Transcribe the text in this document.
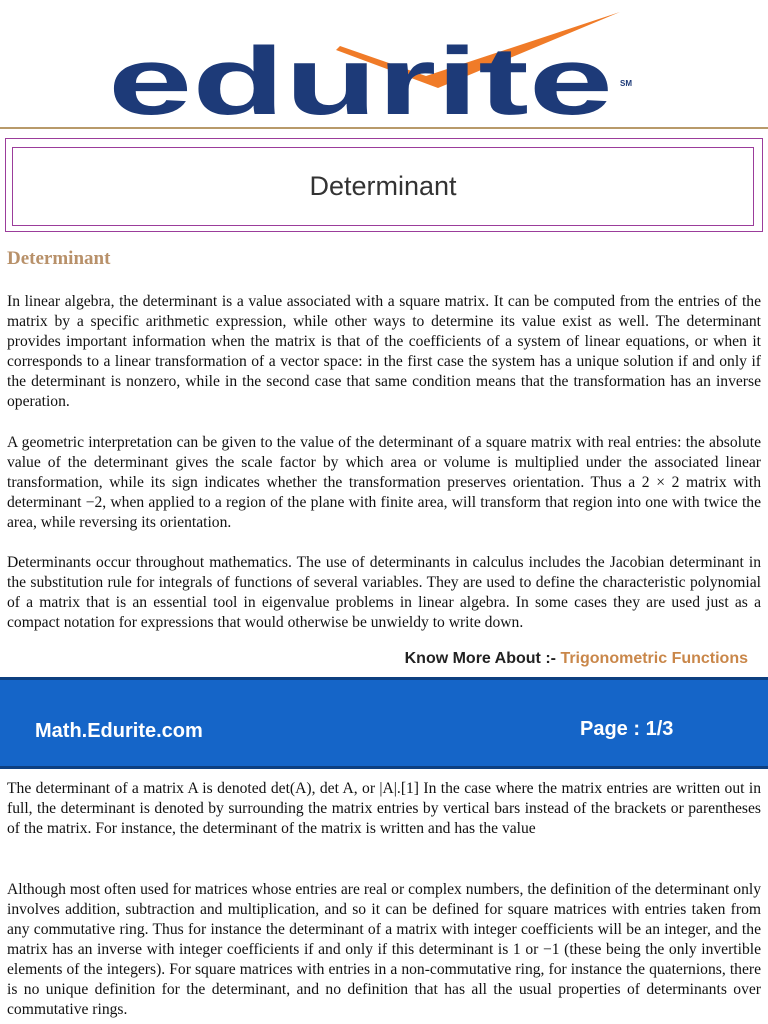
edurite SM
Determinant
Determinant

In linear algebra, the determinant is a value associated with a square matrix. It can be computed from the entries of the matrix by a specific arithmetic expression, while other ways to determine its value exist as well. The determinant provides important information when the matrix is that of the coefficients of a system of linear equations, or when it corresponds to a linear transformation of a vector space: in the first case the system has a unique solution if and only if the determinant is nonzero, while in the second case that same condition means that the transformation has an inverse operation.

A geometric interpretation can be given to the value of the determinant of a square matrix with real entries: the absolute value of the determinant gives the scale factor by which area or volume is multiplied under the associated linear transformation, while its sign indicates whether the transformation preserves orientation. Thus a 2 × 2 matrix with determinant −2, when applied to a region of the plane with finite area, will transform that region into one with twice the area, while reversing its orientation.

Determinants occur throughout mathematics. The use of determinants in calculus includes the Jacobian determinant in the substitution rule for integrals of functions of several variables. They are used to define the characteristic polynomial of a matrix that is an essential tool in eigenvalue problems in linear algebra. In some cases they are used just as a compact notation for expressions that would otherwise be unwieldy to write down.

Know More About :- Trigonometric Functions
Math.Edurite.com	Page : 1/3

The determinant of a matrix A is denoted det(A), det A, or |A|.[1] In the case where the matrix entries are written out in full, the determinant is denoted by surrounding the matrix entries by vertical bars instead of the brackets or parentheses of the matrix. For instance, the determinant of the matrix is written and has the value

Although most often used for matrices whose entries are real or complex numbers, the definition of the determinant only involves addition, subtraction and multiplication, and so it can be defined for square matrices with entries taken from any commutative ring. Thus for instance the determinant of a matrix with integer coefficients will be an integer, and the matrix has an inverse with integer coefficients if and only if this determinant is 1 or −1 (these being the only invertible elements of the integers). For square matrices with entries in a non-commutative ring, for instance the quaternions, there is no unique definition for the determinant, and no definition that has all the usual properties of determinants over commutative rings.
